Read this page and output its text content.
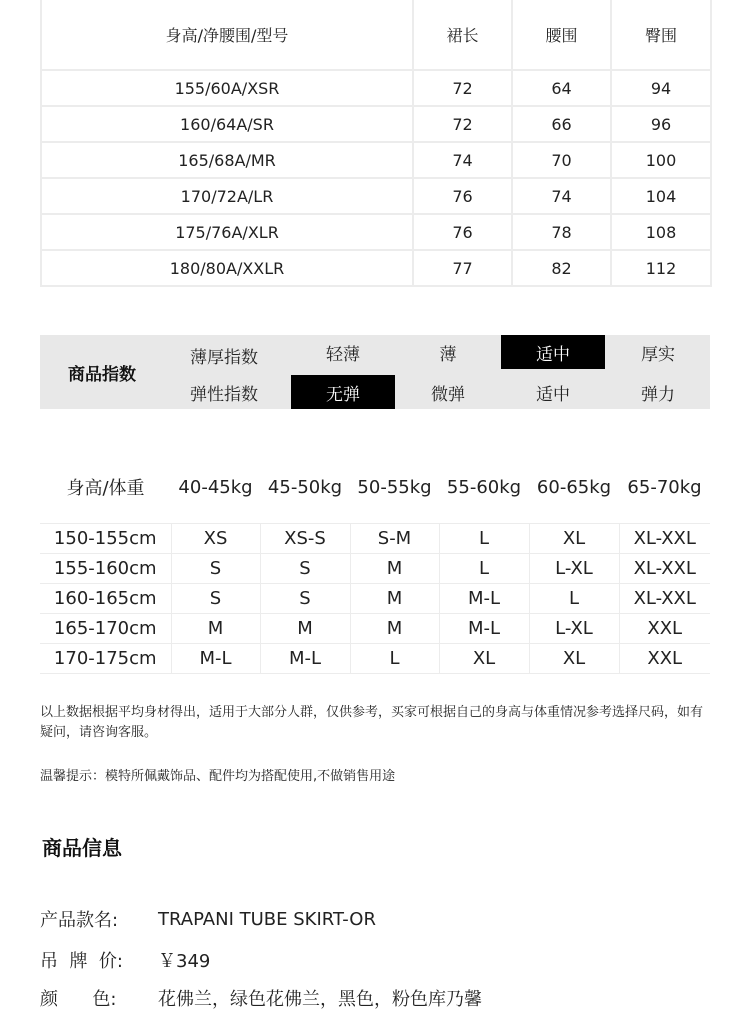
身高/净腰围/型号	裙长	腰围	臀围
155/60A/XSR	72	64	94
160/64A/SR	72	66	96
165/68A/MR	74	70	100
170/72A/LR	76	74	104
175/76A/XLR	76	78	108
180/80A/XXLR	77	82	112
商品指数
薄厚指数	轻薄	薄	适中	厚实
弹性指数	无弹	微弹	适中	弹力
身高/体重	40-45kg 45-50kg 50-55kg 55-60kg 60-65kg 65-70kg
150-155cm	XS	XS-S	S-M	L	XL	XL-XXL
155-160cm	S	S	M	L	L-XL	XL-XXL
160-165cm	S	S	M	M-L	L	XL-XXL
165-170cm	M	M	M	M-L	L-XL	XXL
170-175cm	M-L	M-L	L	XL	XL	XXL
以上数据根据平均身材得出，适用于大部分人群，仅供参考，买家可根据自己的身高与体重情况参考选择尺码，如有疑问，请咨询客服。
温馨提示：模特所佩戴饰品、配件均为搭配使用,不做销售用途
商品信息
产品款名:	TRAPANI TUBE SKIRT-OR
吊  牌  价:	￥349
颜      色:	花佛兰，绿色花佛兰，黑色，粉色库乃馨
